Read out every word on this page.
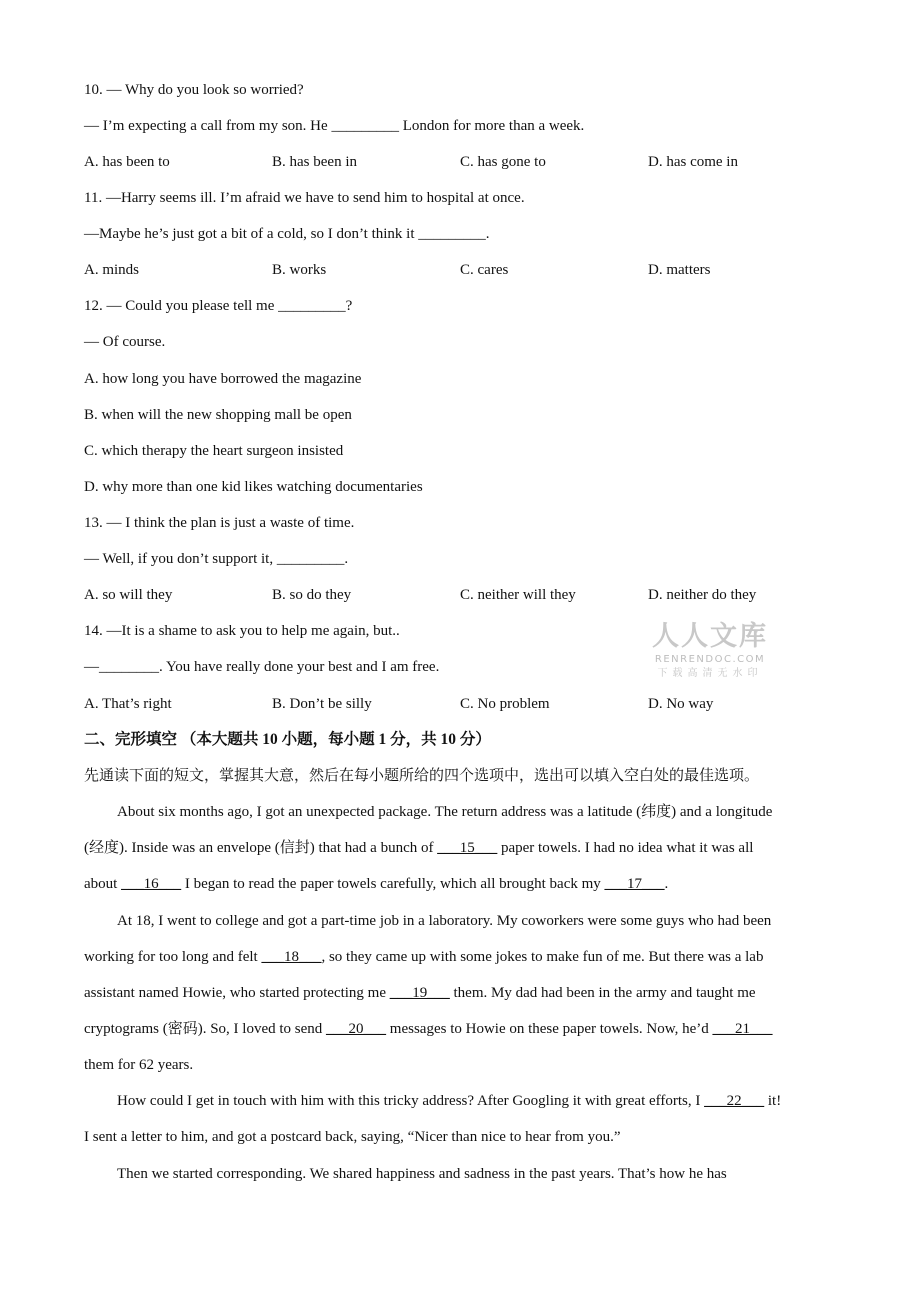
10. — Why do you look so worried?
— I’m expecting a call from my son. He _________ London for more than a week.
A. has been to	B. has been in	C. has gone to	D. has come in
11. —Harry seems ill. I’m afraid we have to send him to hospital at once.
—Maybe he’s just got a bit of a cold, so I don’t think it _________.
A. minds	B. works	C. cares	D. matters
12. — Could you please tell me _________?
— Of course.
A. how long you have borrowed the magazine
B. when will the new shopping mall be open
C. which therapy the heart surgeon insisted
D. why more than one kid likes watching documentaries
13. — I think the plan is just a waste of time.
— Well, if you don’t support it, _________.
A. so will they	B. so do they	C. neither will they	D. neither do they
14. —It is a shame to ask you to help me again, but..
—________. You have really done your best and I am free.
A. That’s right	B. Don’t be silly	C. No problem	D. No way
人人文库
RENRENDOC.COM
下载高清无水印
二、完形填空 （本大题共 10 小题，每小题 1 分，共 10 分）
先通读下面的短文，掌握其大意，然后在每小题所给的四个选项中，选出可以填入空白处的最佳选项。
About six months ago, I got an unexpected package. The return address was a latitude (纬度) and a longitude
(经度). Inside was an envelope (信封) that had a bunch of ___15___ paper towels. I had no idea what it was all
about ___16___ I began to read the paper towels carefully, which all brought back my ___17___.
At 18, I went to college and got a part-time job in a laboratory. My coworkers were some guys who had been
working for too long and felt ___18___, so they came up with some jokes to make fun of me. But there was a lab
assistant named Howie, who started protecting me ___19___ them. My dad had been in the army and taught me
cryptograms (密码). So, I loved to send ___20___ messages to Howie on these paper towels. Now, he’d ___21___
them for 62 years.
How could I get in touch with him with this tricky address? After Googling it with great efforts, I ___22___ it!
I sent a letter to him, and got a postcard back, saying, “Nicer than nice to hear from you.”
Then we started corresponding. We shared happiness and sadness in the past years. That’s how he has
